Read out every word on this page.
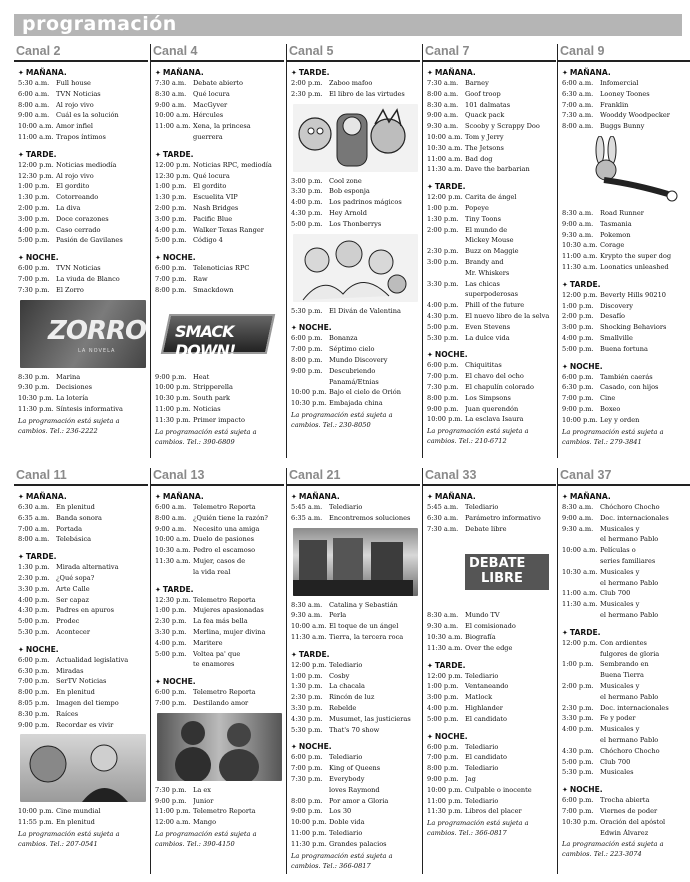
programación
Canal 2
✦ MAÑANA.
5:30 a.m.	Full house
6:00 a.m.	TVN Noticias
8:00 a.m.	Al rojo vivo
9:00 a.m.	Cuál es la solución
10:00 a.m. Amor infiel
11:00 a.m. Trapos íntimos
✦ TARDE.
12:00 p.m. Noticias mediodía
12:30 p.m. Al rojo vivo
1:00 p.m. El gordito
1:30 p.m. Cotorreando
2:00 p.m. La diva
3:00 p.m. Doce corazones
4:00 p.m. Caso cerrado
5:00 p.m. Pasión de Gavilanes
✦ NOCHE.
6:00 p.m. TVN Noticias
7:00 p.m. La viuda de Blanco
7:30 p.m. El Zorro
ZORRO
LA NOVELA
8:30 p.m. Marina
9:30 p.m. Decisiones
10:30 p.m. La lotería
11:30 p.m. Síntesis informativa
La programación está sujeta a cambios. Tel.: 236-2222
Canal 4
✦ MAÑANA.
7:30 a.m.	Debate abierto
8:30 a.m.	Qué locura
9:00 a.m.	MacGyver
10:00 a.m. Hércules
11:00 a.m. Xena, la princesa
guerrera
✦ TARDE.
12:00 p.m. Noticias RPC, mediodía
12:30 p.m. Qué locura
1:00 p.m. El gordito
1:30 p.m. Escuelita VIP
2:00 p.m. Nash Bridges
3:00 p.m. Pacific Blue
4:00 p.m. Walker Texas Ranger
5:00 p.m. Código 4
✦ NOCHE.
6:00 p.m. Telenoticias RPC
7:00 p.m. Raw
8:00 p.m. Smackdown
SMACK DOWN!
9:00 p.m. Heat
10:00 p.m. Stripperella
10:30 p.m. South park
11:00 p.m. Noticias
11:30 p.m. Primer impacto
La programación está sujeta a cambios. Tel.: 390-6809
Canal 5
✦ TARDE.
2:00 p.m. Zaboo mafoo
2:30 p.m. El libro de las virtudes
3:00 p.m. Cool zone
3:30 p.m. Bob esponja
4:00 p.m. Los padrinos mágicos
4:30 p.m. Hey Arnold
5:00 p.m. Los Thonberrys
5:30 p.m. El Diván de Valentina
✦ NOCHE.
6:00 p.m. Bonanza
7:00 p.m. Séptimo cielo
8:00 p.m. Mundo Discovery
9:00 p.m. Descubriendo
Panamá/Etnias
10:00 p.m. Bajo el cielo de Orión
10:30 p.m. Embajada china
La programación está sujeta a cambios. Tel.: 230-8050
Canal 7
✦ MAÑANA.
7:30 a.m.	Barney
8:00 a.m.	Goof troop
8:30 a.m.	101 dalmatas
9:00 a.m.	Quack pack
9:30 a.m.	Scooby y Scrappy Doo
10:00 a.m. Tom y Jerry
10:30 a.m. The Jetsons
11:00 a.m. Bad dog
11:30 a.m. Dave the barbarian
✦ TARDE.
12:00 p.m. Carita de ángel
1:00 p.m. Popeye
1:30 p.m. Tiny Toons
2:00 p.m. El mundo de
Mickey Mouse
2:30 p.m. Buzz on Maggie
3:00 p.m. Brandy and
Mr. Whiskers
3:30 p.m. Las chicas
superpoderosas
4:00 p.m. Phill of the future
4:30 p.m. El nuevo libro de la selva
5:00 p.m. Even Stevens
5:30 p.m. La dulce vida
✦ NOCHE.
6:00 p.m. Chiquititas
7:00 p.m. El chavo del ocho
7:30 p.m. El chapulín colorado
8:00 p.m. Los Simpsons
9:00 p.m. Juan querendón
10:00 p.m. La esclava Isaura
La programación está sujeta a cambios. Tel.: 210-6712
Canal 9
✦ MAÑANA.
6:00 a.m.	Infomercial
6:30 a.m.	Looney Toones
7:00 a.m.	Franklin
7:30 a.m.	Wooddy Woodpecker
8:00 a.m.	Buggs Bunny
8:30 a.m.	Road Runner
9:00 a.m.	Tasmania
9:30 a.m.	Pokemon
10:30 a.m. Corage
11:00 a.m. Krypto the super dog
11:30 a.m. Loonatics unleashed
✦ TARDE.
12:00 p.m. Beverly Hills 90210
1:00 p.m. Discovery
2:00 p.m. Desafío
3:00 p.m. Shocking Behaviors
4:00 p.m. Smallville
5:00 p.m. Buena fortuna
✦ NOCHE.
6:00 p.m. También caerás
6:30 p.m. Casado, con hijos
7:00 p.m. Cine
9:00 p.m. Boxeo
10:00 p.m. Ley y orden
La programación está sujeta a cambios. Tel.: 279-3841
Canal 11
✦ MAÑANA.
6:30 a.m.	En plenitud
6:35 a.m.	Banda sonora
7:00 a.m.	Portada
8:00 a.m.	Telebásica
✦ TARDE.
1:30 p.m. Mirada alternativa
2:30 p.m. ¿Qué sopa?
3:30 p.m. Arte Calle
4:00 p.m. Ser capaz
4:30 p.m. Padres en apuros
5:00 p.m. Prodec
5:30 p.m. Acontecer
✦ NOCHE.
6:00 p.m. Actualidad legislativa
6:30 p.m. Miradas
7:00 p.m. SerTV Noticias
8:00 p.m. En plenitud
8:05 p.m. Imagen del tiempo
8:30 p.m. Raíces
9:00 p.m. Recordar es vivir
10:00 p.m. Cine mundial
11:55 p.m. En plenitud
La programación está sujeta a cambios. Tel.: 207-0541
Canal 13
✦ MAÑANA.
6:00 a.m.	Telemetro Reporta
8:00 a.m.	¿Quién tiene la razón?
9:00 a.m.	Necesito una amiga
10:00 a.m. Duelo de pasiones
10:30 a.m. Pedro el escamoso
11:30 a.m. Mujer, casos de
la vida real
✦ TARDE.
12:30 p.m. Telemetro Reporta
1:00 p.m. Mujeres apasionadas
2:30 p.m. La fea más bella
3:30 p.m. Merlina, mujer divina
4:00 p.m. Maritere
5:00 p.m. Voltea pa' que
te enamores
✦ NOCHE.
6:00 p.m. Telemetro Reporta
7:00 p.m. Destilando amor
7:30 p.m. La ex
9:00 p.m. Junior
11:00 p.m. Telemetro Reporta
12:00 a.m. Mango
La programación está sujeta a cambios. Tel.: 390-4150
Canal 21
✦ MAÑANA.
5:45 a.m.	Telediario
6:35 a.m.	Encontremos soluciones
8:30 a.m.	Catalina y Sebastián
9:30 a.m.	Perla
10:00 a.m. El toque de un ángel
11:30 a.m. Tierra, la tercera roca
✦ TARDE.
12:00 p.m. Telediario
1:00 p.m. Cosby
1:30 p.m. La chacala
2:30 p.m. Rincón de luz
3:30 p.m. Rebelde
4:30 p.m. Musumet, las justicieras
5:30 p.m. That's 70 show
✦ NOCHE.
6:00 p.m. Telediario
7:00 p.m. King of Queens
7:30 p.m. Everybody
loves Raymond
8:00 p.m. Por amor a Gloria
9:00 p.m. Los 30
10:00 p.m. Doble vida
11:00 p.m. Telediario
11:30 p.m. Grandes palacios
La programación está sujeta a cambios. Tel.: 366-0817
Canal 33
✦ MAÑANA.
5:45 a.m.	Telediario
6:30 a.m.	Parámetro informativo
7:30 a.m.	Debate libre
DEBATE
LIBRE
8:30 a.m.	Mundo TV
9:30 a.m.	El comisionado
10:30 a.m. Biografía
11:30 a.m. Over the edge
✦ TARDE.
12:00 p.m. Telediario
1:00 p.m. Ventaneando
3:00 p.m. Matlock
4:00 p.m. Highlander
5:00 p.m. El candidato
✦ NOCHE.
6:00 p.m. Telediario
7:00 p.m. El candidato
8:00 p.m. Telediario
9:00 p.m. Jag
10:00 p.m. Culpable o inocente
11:00 p.m. Telediario
11:30 p.m. Libros del placer
La programación está sujeta a cambios. Tel.: 366-0817
Canal 37
✦ MAÑANA.
8:30 a.m.	Chóchoro Chocho
9:00 a.m.	Doc. internacionales
9:30 a.m.	Musicales y
el hermano Pablo
10:00 a.m. Películas o
series familiares
10:30 a.m. Musicales y
el hermano Pablo
11:00 a.m. Club 700
11:30 a.m. Musicales y
el hermano Pablo
✦ TARDE.
12:00 p.m. Con ardientes
fulgores de gloria
1:00 p.m. Sembrando en
Buena Tierra
2:00 p.m. Musicales y
el hermano Pablo
2:30 p.m. Doc. internacionales
3:30 p.m. Fe y poder
4:00 p.m. Musicales y
el hermano Pablo
4:30 p.m. Chóchoro Chocho
5:00 p.m. Club 700
5:30 p.m. Musicales
✦ NOCHE.
6:00 p.m. Trocha abierta
7:00 p.m. Viernes de poder
10:30 p.m. Oración del apóstol
Edwin Álvarez
La programación está sujeta a cambios. Tel.: 223-3074
